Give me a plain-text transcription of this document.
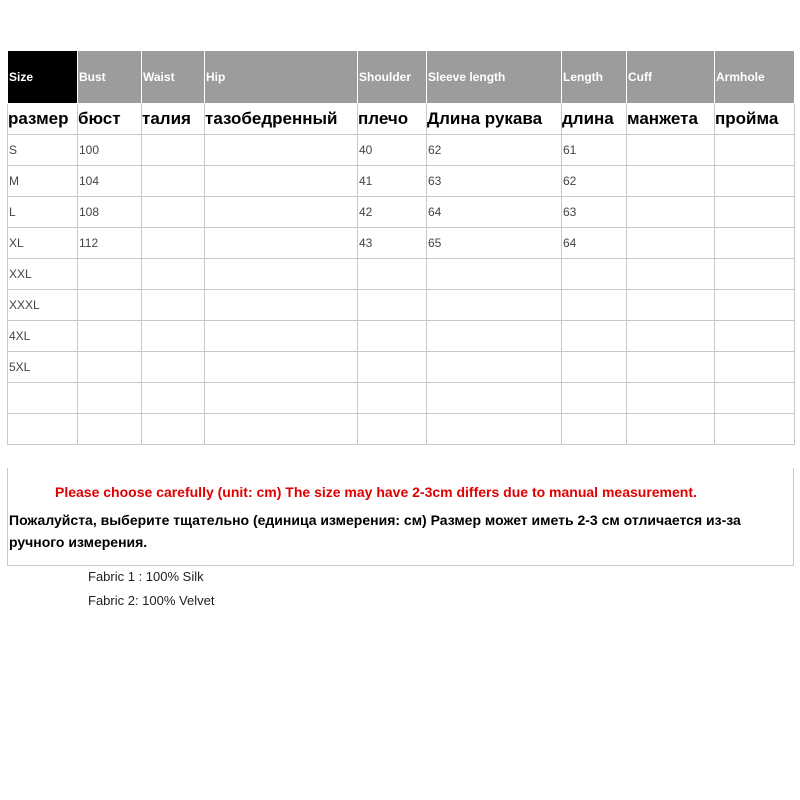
Size	Bust	Waist	Hip	Shoulder	Sleeve length	Length	Cuff	Armhole
размер	бюст	талия	тазобедренный	плечо	Длина рукава	длина	манжета	пройма
S	100			40	62	61		
M	104			41	63	62		
L	108			42	64	63		
XL	112			43	65	64		
XXL								
XXXL								
4XL								
5XL								

Please choose carefully (unit: cm) The size may have 2-3cm differs due to manual measurement.
Пожалуйста, выберите тщательно (единица измерения: см) Размер может иметь 2-3 см отличается из-за ручного измерения.
Fabric 1 : 100% Silk
Fabric 2: 100% Velvet
